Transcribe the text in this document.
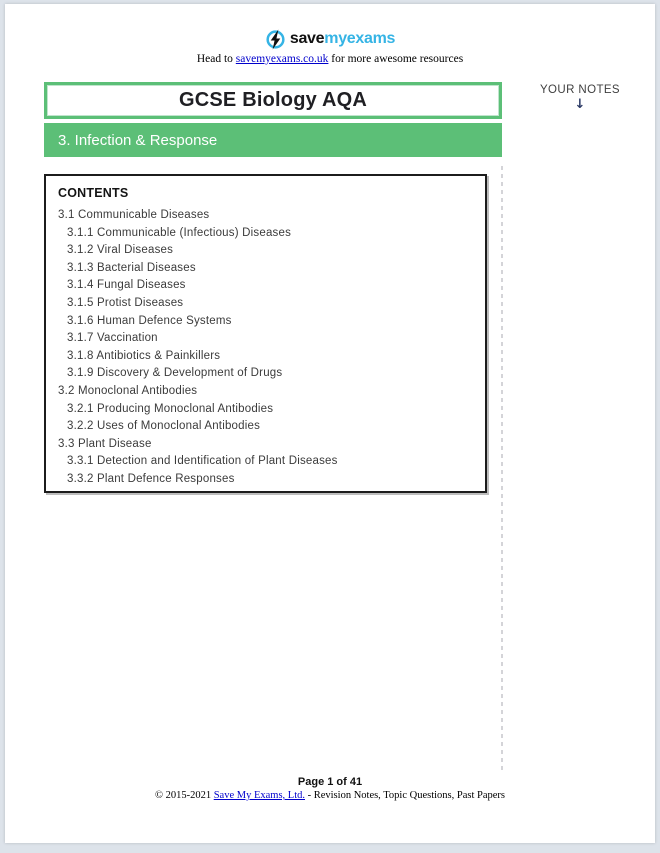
savemyexams
Head to savemyexams.co.uk for more awesome resources
GCSE Biology AQA
3. Infection & Response
YOUR NOTES
↓
CONTENTS
3.1 Communicable Diseases
3.1.1 Communicable (Infectious) Diseases
3.1.2 Viral Diseases
3.1.3 Bacterial Diseases
3.1.4 Fungal Diseases
3.1.5 Protist Diseases
3.1.6 Human Defence Systems
3.1.7 Vaccination
3.1.8 Antibiotics & Painkillers
3.1.9 Discovery & Development of Drugs
3.2 Monoclonal Antibodies
3.2.1 Producing Monoclonal Antibodies
3.2.2 Uses of Monoclonal Antibodies
3.3 Plant Disease
3.3.1 Detection and Identification of Plant Diseases
3.3.2 Plant Defence Responses
Page 1 of 41
© 2015-2021 Save My Exams, Ltd. - Revision Notes, Topic Questions, Past Papers
